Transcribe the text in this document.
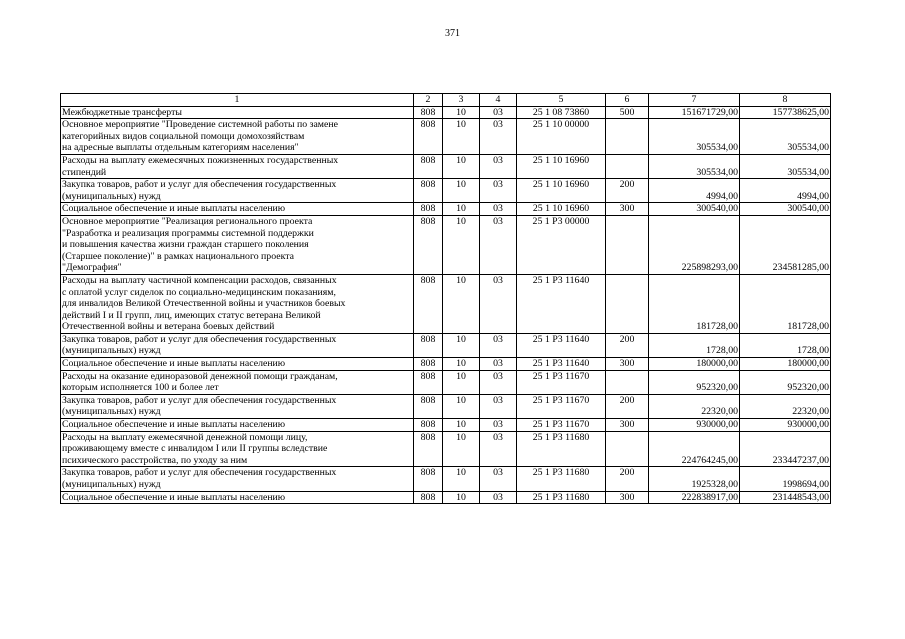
371
1	2	3	4	5	6	7	8
Межбюджетные трансферты	808	10	03	25 1 08 73860	500	151671729,00	157738625,00
Основное мероприятие "Проведение системной работы по замене
категорийных видов социальной помощи домохозяйствам
на адресные выплаты отдельным категориям населения"	808	10	03	25 1 10 00000		305534,00	305534,00
Расходы на выплату ежемесячных пожизненных государственных
стипендий	808	10	03	25 1 10 16960		305534,00	305534,00
Закупка товаров, работ и услуг для обеспечения государственных
(муниципальных) нужд	808	10	03	25 1 10 16960	200	4994,00	4994,00
Социальное обеспечение и иные выплаты населению	808	10	03	25 1 10 16960	300	300540,00	300540,00
Основное мероприятие "Реализация регионального проекта
"Разработка и реализация программы системной поддержки
и повышения качества жизни граждан старшего поколения
(Старшее поколение)" в рамках национального проекта
"Демография"	808	10	03	25 1 Р3 00000		225898293,00	234581285,00
Расходы на выплату частичной компенсации расходов, связанных
с оплатой услуг сиделок по социально-медицинским показаниям,
для инвалидов Великой Отечественной войны и участников боевых
действий I и II групп, лиц, имеющих статус ветерана Великой
Отечественной войны и ветерана боевых действий	808	10	03	25 1 Р3 11640		181728,00	181728,00
Закупка товаров, работ и услуг для обеспечения государственных
(муниципальных) нужд	808	10	03	25 1 Р3 11640	200	1728,00	1728,00
Социальное обеспечение и иные выплаты населению	808	10	03	25 1 Р3 11640	300	180000,00	180000,00
Расходы на оказание единоразовой денежной помощи гражданам,
которым исполняется 100 и более лет	808	10	03	25 1 Р3 11670		952320,00	952320,00
Закупка товаров, работ и услуг для обеспечения государственных
(муниципальных) нужд	808	10	03	25 1 Р3 11670	200	22320,00	22320,00
Социальное обеспечение и иные выплаты населению	808	10	03	25 1 Р3 11670	300	930000,00	930000,00
Расходы на выплату ежемесячной денежной помощи лицу,
проживающему вместе с инвалидом I или II группы вследствие
психического расстройства, по уходу за ним	808	10	03	25 1 Р3 11680		224764245,00	233447237,00
Закупка товаров, работ и услуг для обеспечения государственных
(муниципальных) нужд	808	10	03	25 1 Р3 11680	200	1925328,00	1998694,00
Социальное обеспечение и иные выплаты населению	808	10	03	25 1 Р3 11680	300	222838917,00	231448543,00
